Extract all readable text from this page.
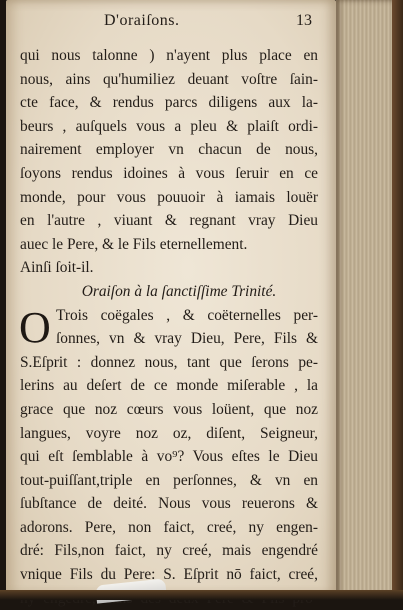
D'oraiſons.	13
qui nous talonne ) n'ayent plus place en
nous, ains qu'humiliez deuant voſtre ſain-
cte face, & rendus parcs diligens aux la-
beurs , auſquels vous a pleu & plaiſt ordi-
nairement employer vn chacun de nous,
ſoyons rendus idoines à vous ſeruir en ce
monde, pour vous pouuoir à iamais louër
en l'autre , viuant & regnant vray Dieu
auec le Pere, & le Fils eternellement.
Ainſi ſoit-il.
Oraiſon à la ſanctiſſime Trinité.
O Trois coëgales , & coëternelles per-
ſonnes, vn & vray Dieu, Pere, Fils &
S.Eſprit : donnez nous, tant que ſerons pe-
lerins au deſert de ce monde miſerable , la
grace que noz cœurs vous loüent, que noz
langues, voyre noz oz, diſent, Seigneur,
qui eſt ſemblable à vo⁹? Vous eſtes le Dieu
tout-puiſſant,triple en perſonnes, & vn en
ſubſtance de deité. Nous vous reuerons &
adorons. Pere, non faict, creé, ny engen-
dré: Fils,non faict, ny creé, mais engendré
vnique Fils du Pere: S. Eſprit nō faict, creé,
